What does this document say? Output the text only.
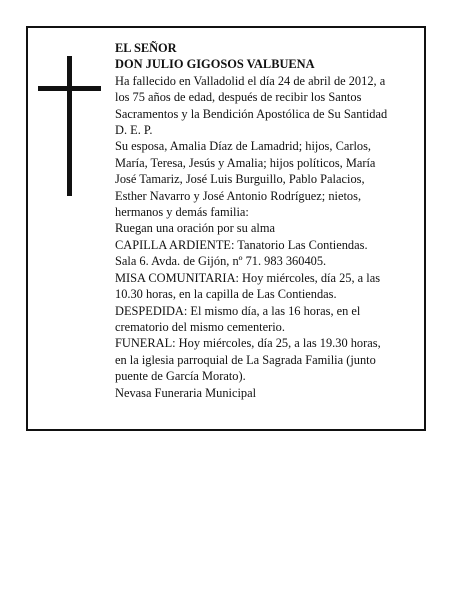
EL SEÑOR
DON JULIO GIGOSOS VALBUENA
Ha fallecido en Valladolid el día 24 de abril de 2012, a
los 75 años de edad, después de recibir los Santos
Sacramentos y la Bendición Apostólica de Su Santidad
D. E. P.
Su esposa, Amalia Díaz de Lamadrid; hijos, Carlos,
María, Teresa, Jesús y Amalia; hijos políticos, María
José Tamariz, José Luis Burguillo, Pablo Palacios,
Esther Navarro y José Antonio Rodríguez; nietos,
hermanos y demás familia:
Ruegan una oración por su alma
CAPILLA ARDIENTE: Tanatorio Las Contiendas.
Sala 6. Avda. de Gijón, nº 71. 983 360405.
MISA COMUNITARIA: Hoy miércoles, día 25, a las
10.30 horas, en la capilla de Las Contiendas.
DESPEDIDA: El mismo día, a las 16 horas, en el
crematorio del mismo cementerio.
FUNERAL: Hoy miércoles, día 25, a las 19.30 horas,
en la iglesia parroquial de La Sagrada Familia (junto
puente de García Morato).
Nevasa Funeraria Municipal
